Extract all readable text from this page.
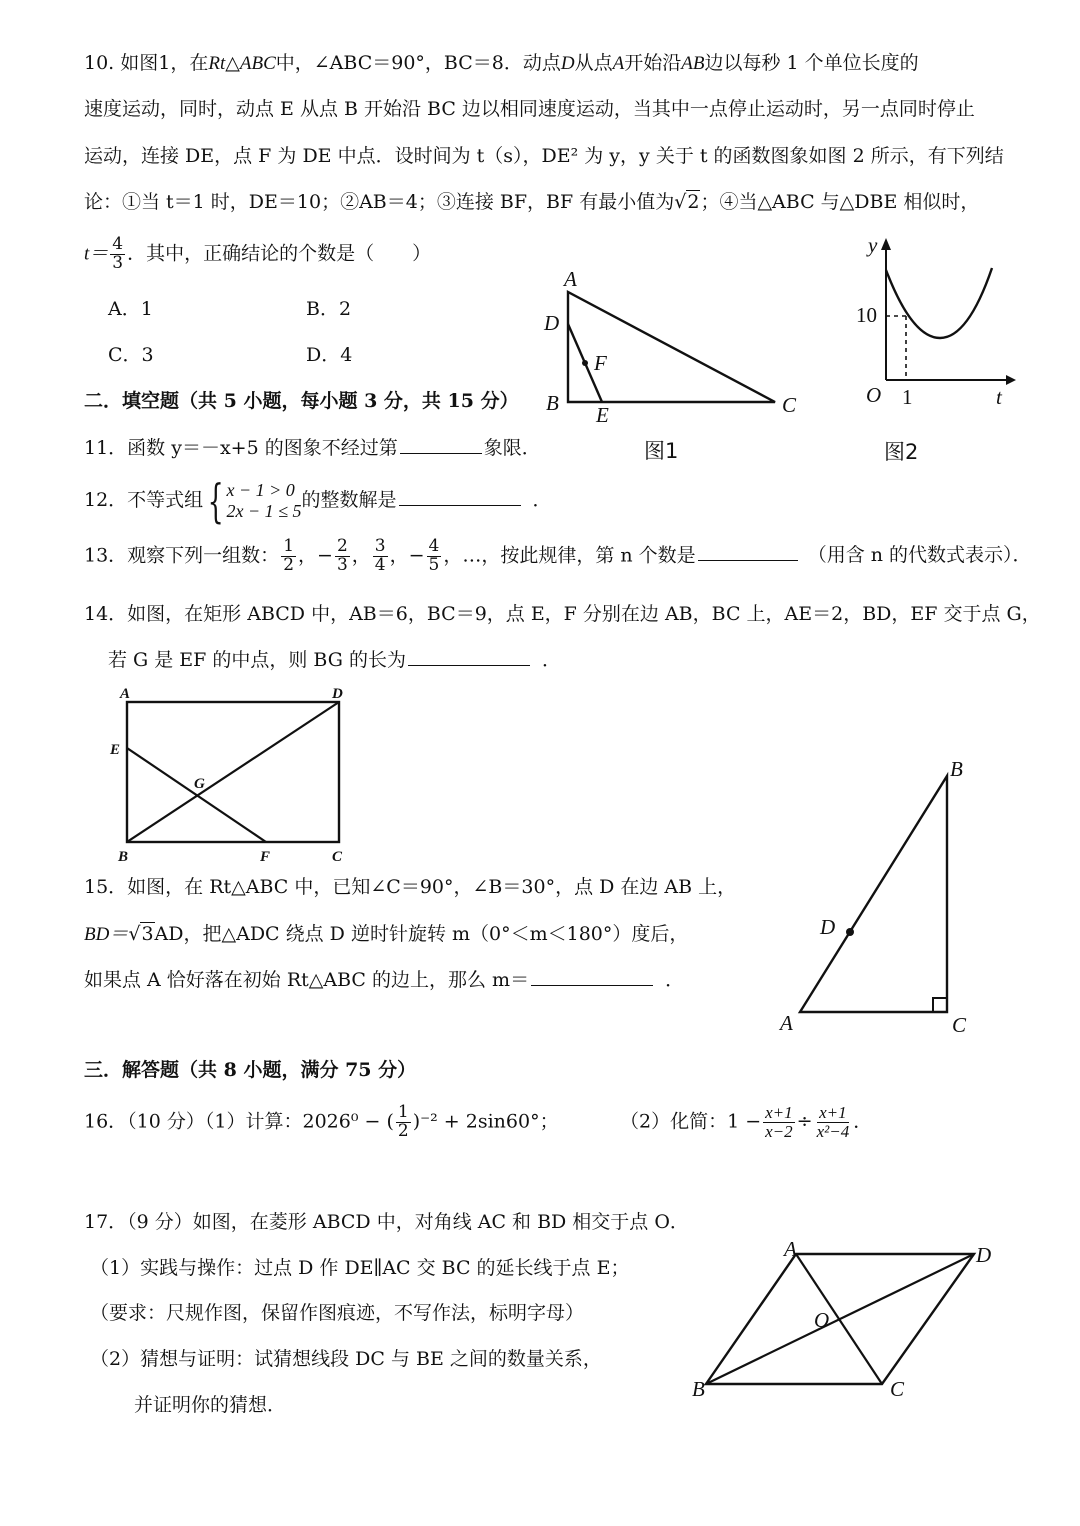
10. 如图1，在Rt△ABC中，∠ABC＝90°，BC＝8．动点D从点A开始沿AB边以每秒 1 个单位长度的
速度运动，同时，动点 E 从点 B 开始沿 BC 边以相同速度运动，当其中一点停止运动时，另一点同时停止
运动，连接 DE，点 F 为 DE 中点．设时间为 t（s），DE² 为 y，y 关于 t 的函数图象如图 2 所示，有下列结
论：①当 t＝1 时，DE＝10；②AB＝4；③连接 BF，BF 有最小值为√2；④当△ABC 与△DBE 相似时，
$t= \frac{4}{3}$ ．其中，正确结论的个数是（　　）
A．1	B．2
C．3	D．4
A
D
F
B E	C
图1
y
10
O 1	t
图2
二．填空题（共 5 小题，每小题 3 分，共 15 分）
11．函数 y＝－x+5 的图象不经过第	象限．
12．不等式组{ x − 1 > 0
2x − 1 ≤ 5 的整数解是	．
13．观察下列一组数： $\frac{1}{2}$ ，− $\frac{2}{3}$ ， $\frac{3}{4}$ ，− $\frac{4}{5}$ ，…，按此规律，第 n 个数是	（用含 n 的代数式表示）．
14．如图，在矩形 ABCD 中，AB＝6，BC＝9，点 E，F 分别在边 AB，BC 上，AE＝2，BD，EF 交于点 G，
若 G 是 EF 的中点，则 BG 的长为	．
A	D
E
G
B	F	C
15．如图，在 Rt△ABC 中，已知∠C＝90°，∠B＝30°，点 D 在边 AB 上，
BD＝√3AD，把△ADC 绕点 D 逆时针旋转 m（0°＜m＜180°）度后，
如果点 A 恰好落在初始 Rt△ABC 的边上，那么 m＝	．
B
D
A	C
三．解答题（共 8 小题，满分 75 分）
16．（10 分）（1）计算：2026⁰ − ( $\frac{1}{2} )^{-2} + 2\sin 60^\circ$；	（2）化简：$1 - \frac{x+1}{x-2} \div \frac{x+1}{\text{x²−4}}$ ．
17．（9 分）如图，在菱形 ABCD 中，对角线 AC 和 BD 相交于点 O．
（1）实践与操作：过点 D 作 DE∥AC 交 BC 的延长线于点 E；
（要求：尺规作图，保留作图痕迹，不写作法，标明字母）
（2）猜想与证明：试猜想线段 DC 与 BE 之间的数量关系，
并证明你的猜想．
A	D
O
B	C
